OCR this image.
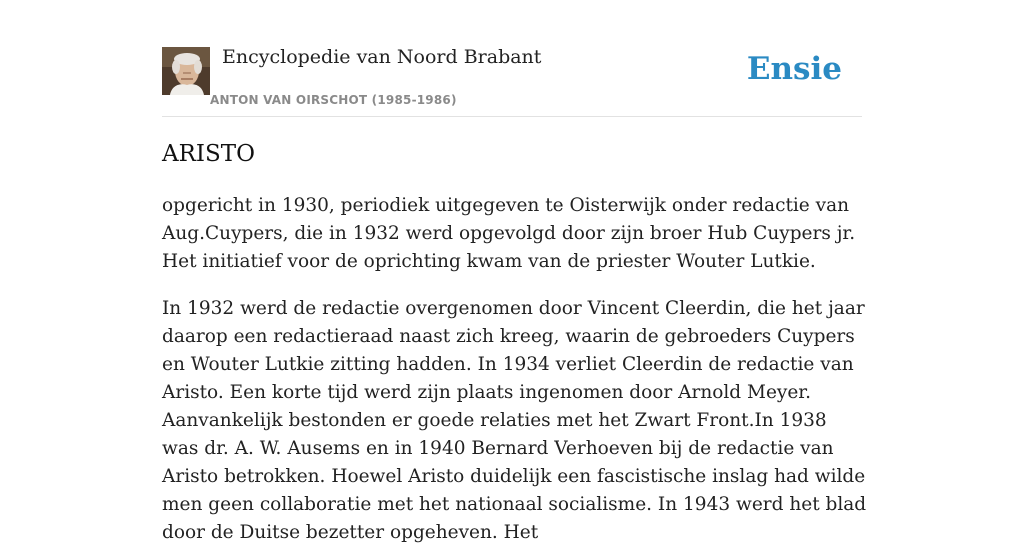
Encyclopedie van Noord Brabant
ANTON VAN OIRSCHOT (1985-1986)
Ensie
ARISTO

opgericht in 1930, periodiek uitgegeven te Oisterwijk onder redactie van Aug.Cuypers, die in 1932 werd opgevolgd door zijn broer Hub Cuypers jr. Het initiatief voor de oprichting kwam van de priester Wouter Lutkie.

In 1932 werd de redactie overgenomen door Vincent Cleerdin, die het jaar daarop een redactieraad naast zich kreeg, waarin de gebroeders Cuypers en Wouter Lutkie zitting hadden. In 1934 verliet Cleerdin de redactie van Aristo. Een korte tijd werd zijn plaats ingenomen door Arnold Meyer. Aanvankelijk bestonden er goede relaties met het Zwart Front.In 1938 was dr. A. W. Ausems en in 1940 Bernard Verhoeven bij de redactie van Aristo betrokken. Hoewel Aristo duidelijk een fascistische inslag had wilde men geen collaboratie met het nationaal socialisme. In 1943 werd het blad door de Duitse bezetter opgeheven. Het
